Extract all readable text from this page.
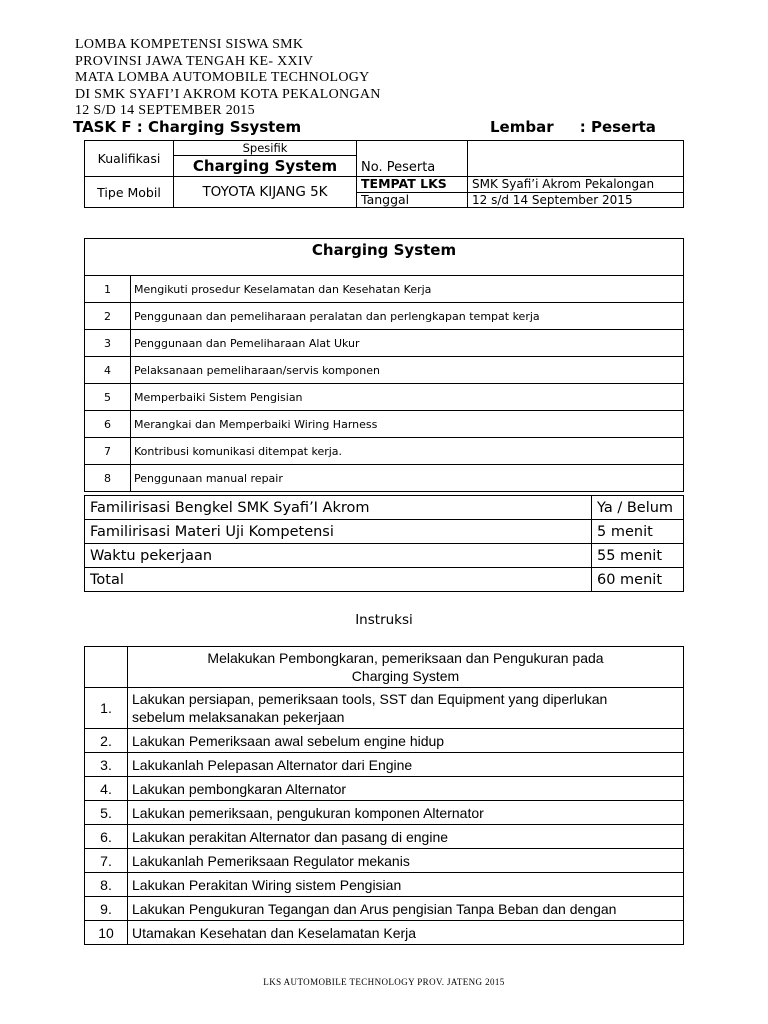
LOMBA KOMPETENSI SISWA SMK
PROVINSI JAWA TENGAH KE- XXIV
MATA LOMBA AUTOMOBILE TECHNOLOGY
DI SMK SYAFI’I AKROM KOTA PEKALONGAN
12 S/D 14 SEPTEMBER 2015
TASK F : Charging Ssystem	Lembar     : Peserta
Kualifikasi	Spesifik	No. Peserta	
	Charging System		
Tipe Mobil	TOYOTA KIJANG 5K	TEMPAT LKS	SMK Syafi’i Akrom Pekalongan
		Tanggal	12 s/d 14 September 2015
Charging System	
1	Mengikuti prosedur Keselamatan dan Kesehatan Kerja
2	Penggunaan dan pemeliharaan peralatan dan perlengkapan tempat kerja
3	Penggunaan dan Pemeliharaan Alat Ukur
4	Pelaksanaan pemeliharaan/servis komponen
5	Memperbaiki Sistem Pengisian
6	Merangkai dan Memperbaiki Wiring Harness
7	Kontribusi komunikasi ditempat kerja.
8	Penggunaan manual repair
Familirisasi Bengkel SMK Syafi’I Akrom	Ya / Belum
Familirisasi Materi Uji Kompetensi	5 menit
Waktu pekerjaan	55 menit
Total	60 menit
Instruksi

	Melakukan Pembongkaran, pemeriksaan dan Pengukuran pada
Charging System

1.	Lakukan persiapan, pemeriksaan tools, SST dan Equipment yang diperlukan
sebelum melaksanakan pekerjaan

2.	Lakukan Pemeriksaan awal sebelum engine hidup
3.	Lakukanlah Pelepasan Alternator dari Engine
4.	Lakukan pembongkaran Alternator
5.	Lakukan pemeriksaan, pengukuran komponen Alternator
6.	Lakukan perakitan Alternator dan pasang di engine
7.	Lakukanlah Pemeriksaan Regulator mekanis
8.	Lakukan Perakitan Wiring sistem Pengisian
9.	Lakukan Pengukuran Tegangan dan Arus pengisian Tanpa Beban dan dengan
10	Utamakan Kesehatan dan Keselamatan Kerja
LKS AUTOMOBILE TECHNOLOGY PROV. JATENG 2015
